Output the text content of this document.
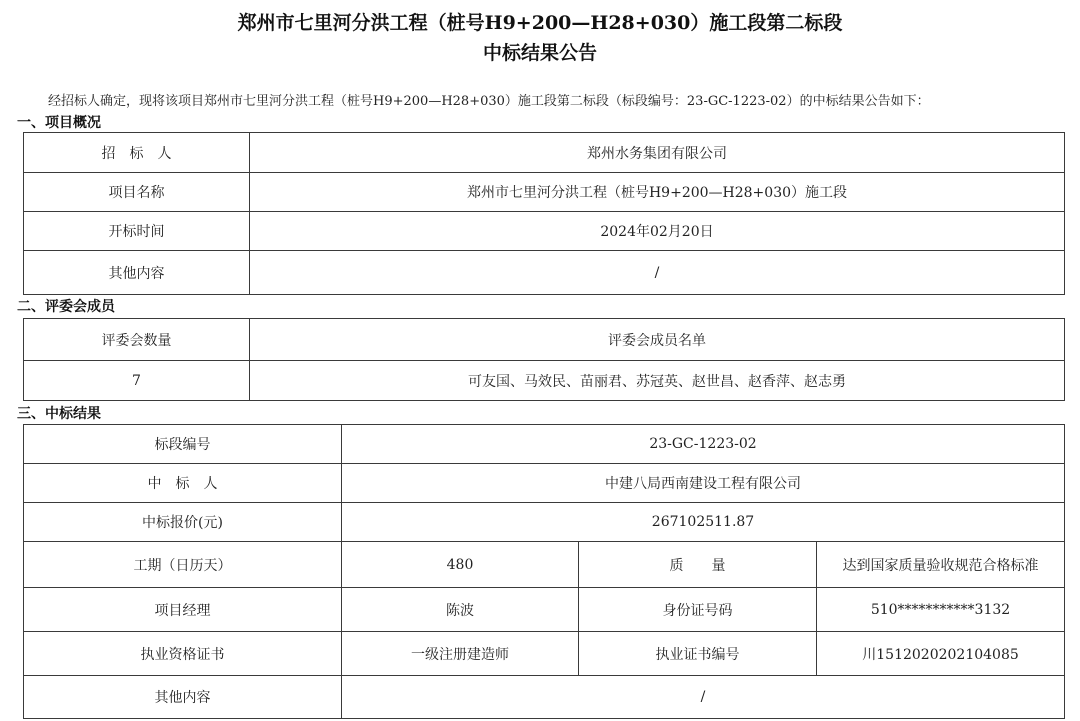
郑州市七里河分洪工程（桩号H9+200—H28+030）施工段第二标段
中标结果公告
经招标人确定，现将该项目郑州市七里河分洪工程（桩号H9+200—H28+030）施工段第二标段（标段编号：23-GC-1223-02）的中标结果公告如下：
一、项目概况
招　标　人	郑州水务集团有限公司
项目名称	郑州市七里河分洪工程（桩号H9+200—H28+030）施工段
开标时间	2024年02月20日
其他内容	/
二、评委会成员
评委会数量	评委会成员名单
7	可友国、马效民、苗丽君、苏冠英、赵世昌、赵香萍、赵志勇
三、中标结果
标段编号	23-GC-1223-02		
中　标　人	中建八局西南建设工程有限公司		
中标报价(元)	267102511.87		
工期（日历天）	480	质　　量	达到国家质量验收规范合格标准
项目经理	陈波	身份证号码	510***********3132
执业资格证书	一级注册建造师	执业证书编号	川1512020202104085
其他内容	/		
